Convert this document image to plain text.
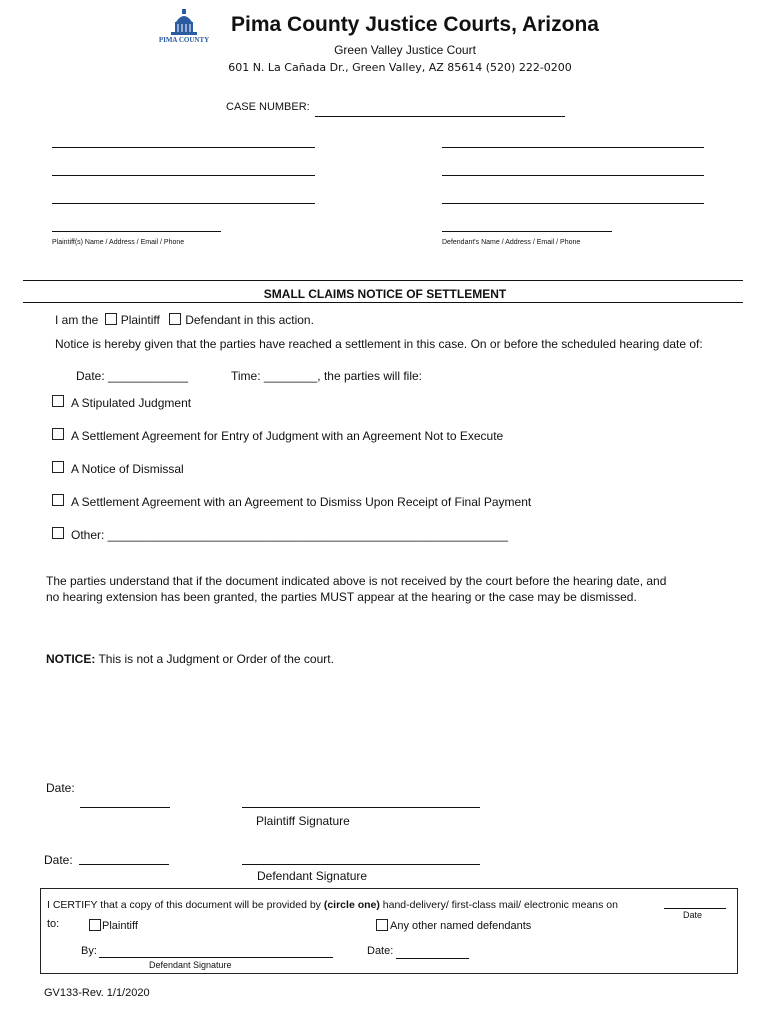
PIMA COUNTY
Pima County Justice Courts, Arizona
Green Valley Justice Court
601 N. La Cañada Dr., Green Valley, AZ 85614 (520) 222-0200
CASE NUMBER:
Plaintiff(s) Name / Address / Email / Phone	Defendant's Name / Address / Email / Phone
SMALL CLAIMS NOTICE OF SETTLEMENT
I am the Plaintiff Defendant in this action.
Notice is hereby given that the parties have reached a settlement in this case. On or before the scheduled hearing date of:
Date: ____________	Time: ________, the parties will file:
A Stipulated Judgment
A Settlement Agreement for Entry of Judgment with an Agreement Not to Execute
A Notice of Dismissal
A Settlement Agreement with an Agreement to Dismiss Upon Receipt of Final Payment
Other: ____________________________________________________________
The parties understand that if the document indicated above is not received by the court before the hearing date, and
no hearing extension has been granted, the parties MUST appear at the hearing or the case may be dismissed.
NOTICE: This is not a Judgment or Order of the court.
Date:
Plaintiff Signature
Date:
Defendant Signature
I CERTIFY that a copy of this document will be provided by (circle one) hand-delivery/ first-class mail/ electronic means on
Date
to:	Plaintiff	Any other named defendants
By:
Defendant Signature
Date:
GV133-Rev. 1/1/2020
